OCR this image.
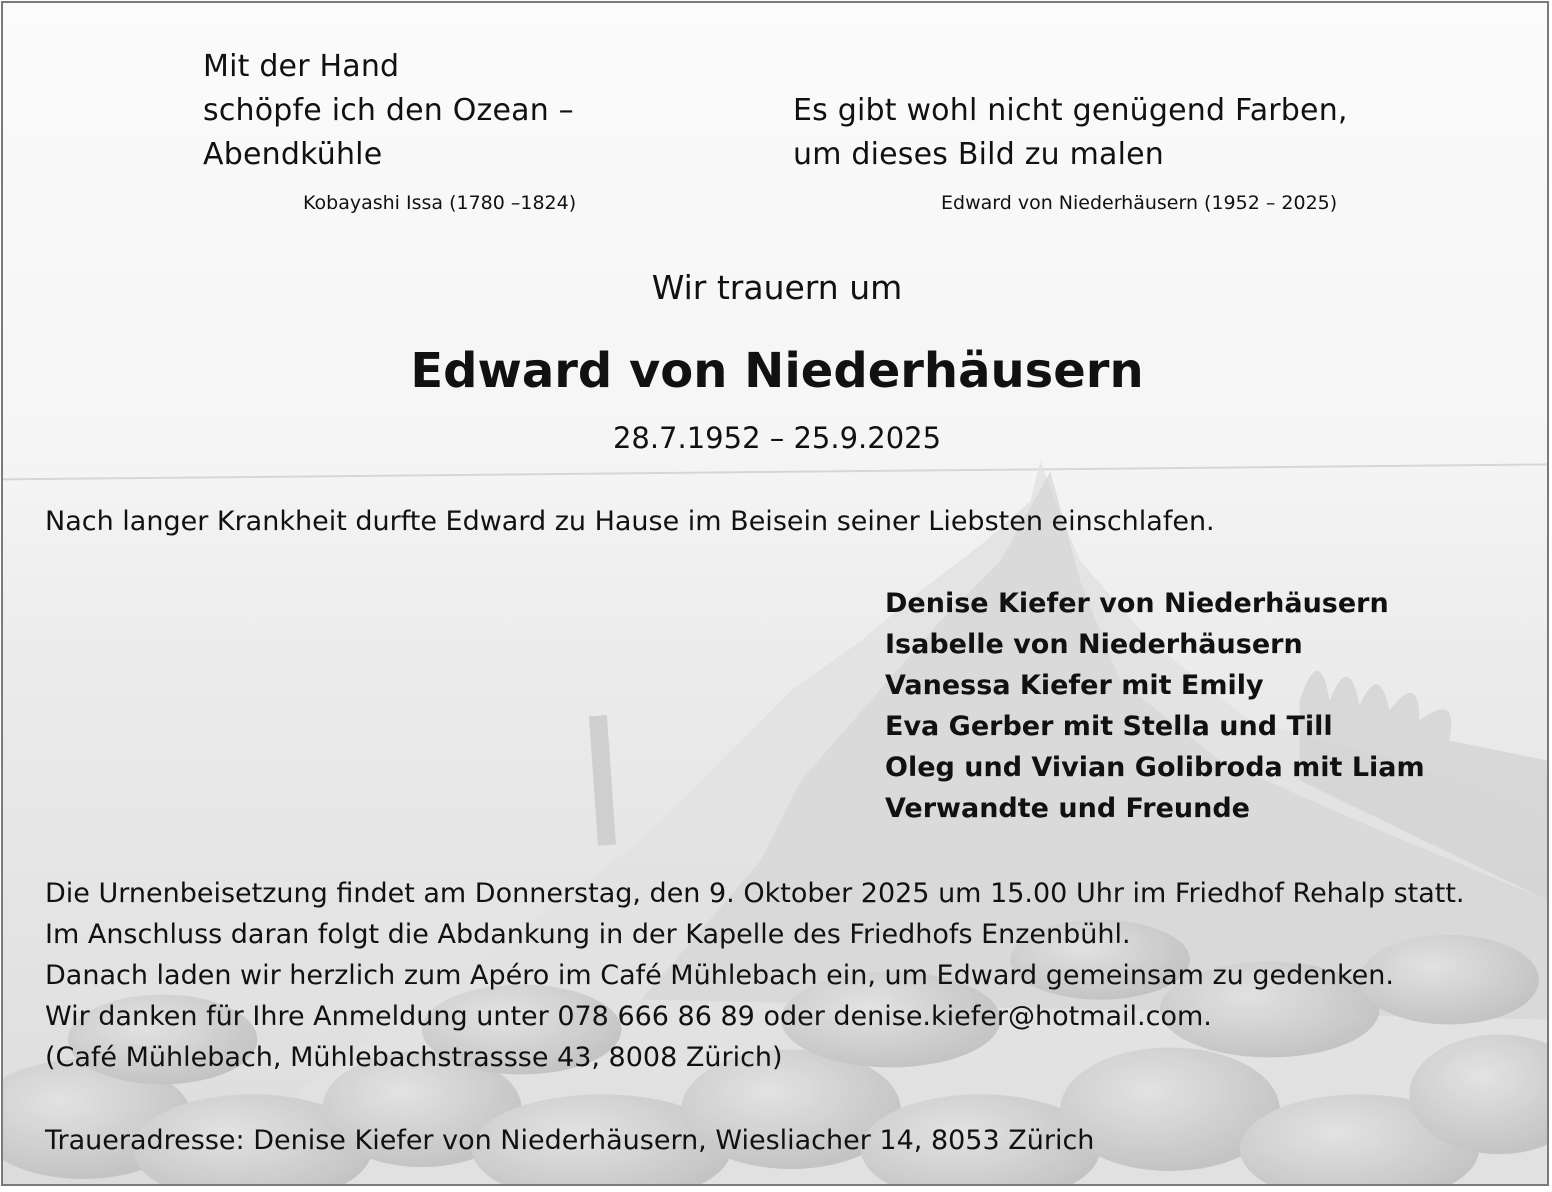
Mit der Hand
schöpfe ich den Ozean –
Abendkühle
Kobayashi Issa (1780 –1824)
Es gibt wohl nicht genügend Farben,
um dieses Bild zu malen
Edward von Niederhäusern (1952 – 2025)
Wir trauern um
Edward von Niederhäusern
28.7.1952 – 25.9.2025
Nach langer Krankheit durfte Edward zu Hause im Beisein seiner Liebsten einschlafen.
Denise Kiefer von Niederhäusern
Isabelle von Niederhäusern
Vanessa Kiefer mit Emily
Eva Gerber mit Stella und Till
Oleg und Vivian Golibroda mit Liam
Verwandte und Freunde
Die Urnenbeisetzung findet am Donnerstag, den 9. Oktober 2025 um 15.00 Uhr im Friedhof Rehalp statt.
Im Anschluss daran folgt die Abdankung in der Kapelle des Friedhofs Enzenbühl.
Danach laden wir herzlich zum Apéro im Café Mühlebach ein, um Edward gemeinsam zu gedenken.
Wir danken für Ihre Anmeldung unter 078 666 86 89 oder denise.kiefer@hotmail.com.
(Café Mühlebach, Mühlebachstrassse 43, 8008 Zürich)
Traueradresse: Denise Kiefer von Niederhäusern, Wiesliacher 14, 8053 Zürich
